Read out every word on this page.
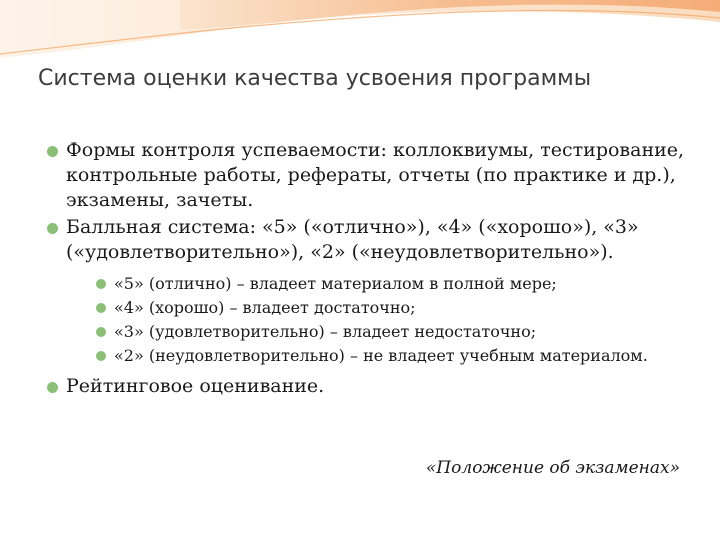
Система оценки качества усвоения программы
Формы контроля успеваемости: коллоквиумы, тестирование, контрольные работы, рефераты, отчеты (по практике и др.), экзамены, зачеты.
Балльная система: «5» («отлично»), «4» («хорошо»), «3» («удовлетворительно»), «2» («неудовлетворительно»).
«5» (отлично) – владеет материалом в полной мере;
«4» (хорошо) – владеет достаточно;
«3» (удовлетворительно) – владеет недостаточно;
«2» (неудовлетворительно) – не владеет учебным материалом.
Рейтинговое оценивание.

«Положение об экзаменах»
